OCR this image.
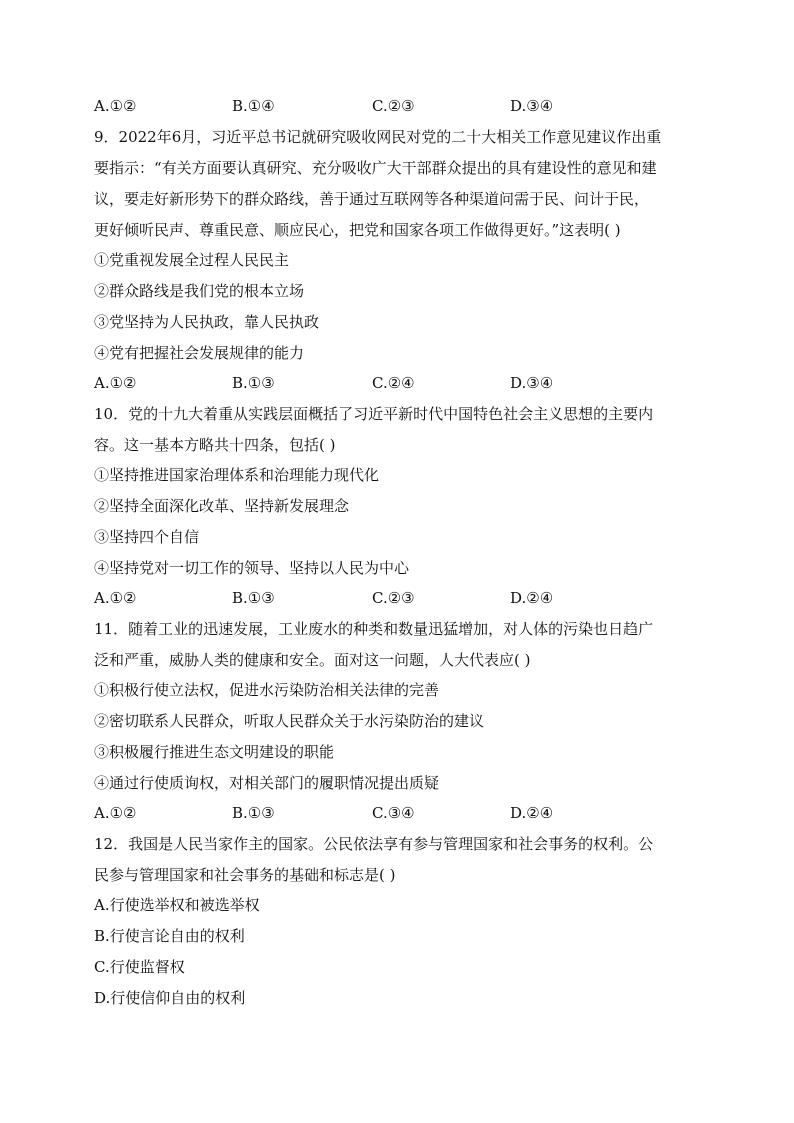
A.①②	B.①④	C.②③	D.③④
9．2022年6月，习近平总书记就研究吸收网民对党的二十大相关工作意见建议作出重
要指示：“有关方面要认真研究、充分吸收广大干部群众提出的具有建设性的意见和建
议，要走好新形势下的群众路线，善于通过互联网等各种渠道问需于民、问计于民，
更好倾听民声、尊重民意、顺应民心，把党和国家各项工作做得更好。”这表明( )
①党重视发展全过程人民民主
②群众路线是我们党的根本立场
③党坚持为人民执政，靠人民执政
④党有把握社会发展规律的能力
A.①②	B.①③	C.②④	D.③④
10．党的十九大着重从实践层面概括了习近平新时代中国特色社会主义思想的主要内
容。这一基本方略共十四条，包括( )
①坚持推进国家治理体系和治理能力现代化
②坚持全面深化改革、坚持新发展理念
③坚持四个自信
④坚持党对一切工作的领导、坚持以人民为中心
A.①②	B.①③	C.②③	D.②④
11．随着工业的迅速发展，工业废水的种类和数量迅猛增加，对人体的污染也日趋广
泛和严重，威胁人类的健康和安全。面对这一问题，人大代表应( )
①积极行使立法权，促进水污染防治相关法律的完善
②密切联系人民群众，听取人民群众关于水污染防治的建议
③积极履行推进生态文明建设的职能
④通过行使质询权，对相关部门的履职情况提出质疑
A.①②	B.①③	C.③④	D.②④
12．我国是人民当家作主的国家。公民依法享有参与管理国家和社会事务的权利。公
民参与管理国家和社会事务的基础和标志是( )
A.行使选举权和被选举权
B.行使言论自由的权利
C.行使监督权
D.行使信仰自由的权利
